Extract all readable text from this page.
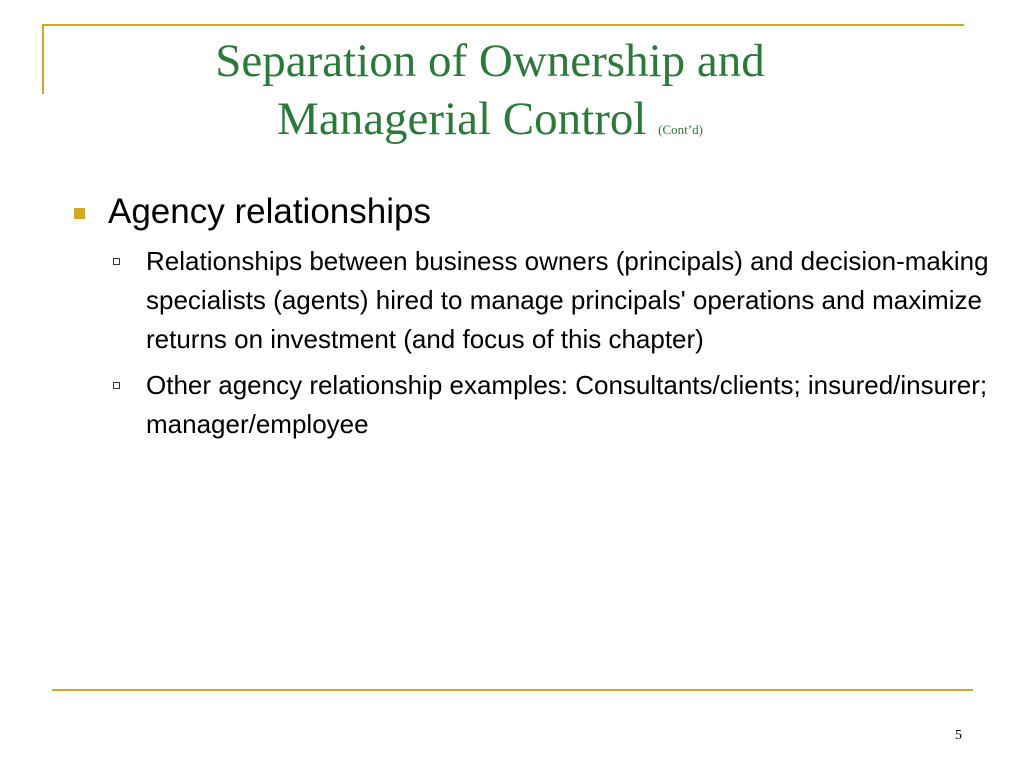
Separation of Ownership and
Managerial Control (Cont’d)
Agency relationships
Relationships between business owners (principals) and decision-making specialists (agents) hired to manage principals' operations and maximize returns on investment (and focus of this chapter)
Other agency relationship examples: Consultants/clients; insured/insurer; manager/employee
5
